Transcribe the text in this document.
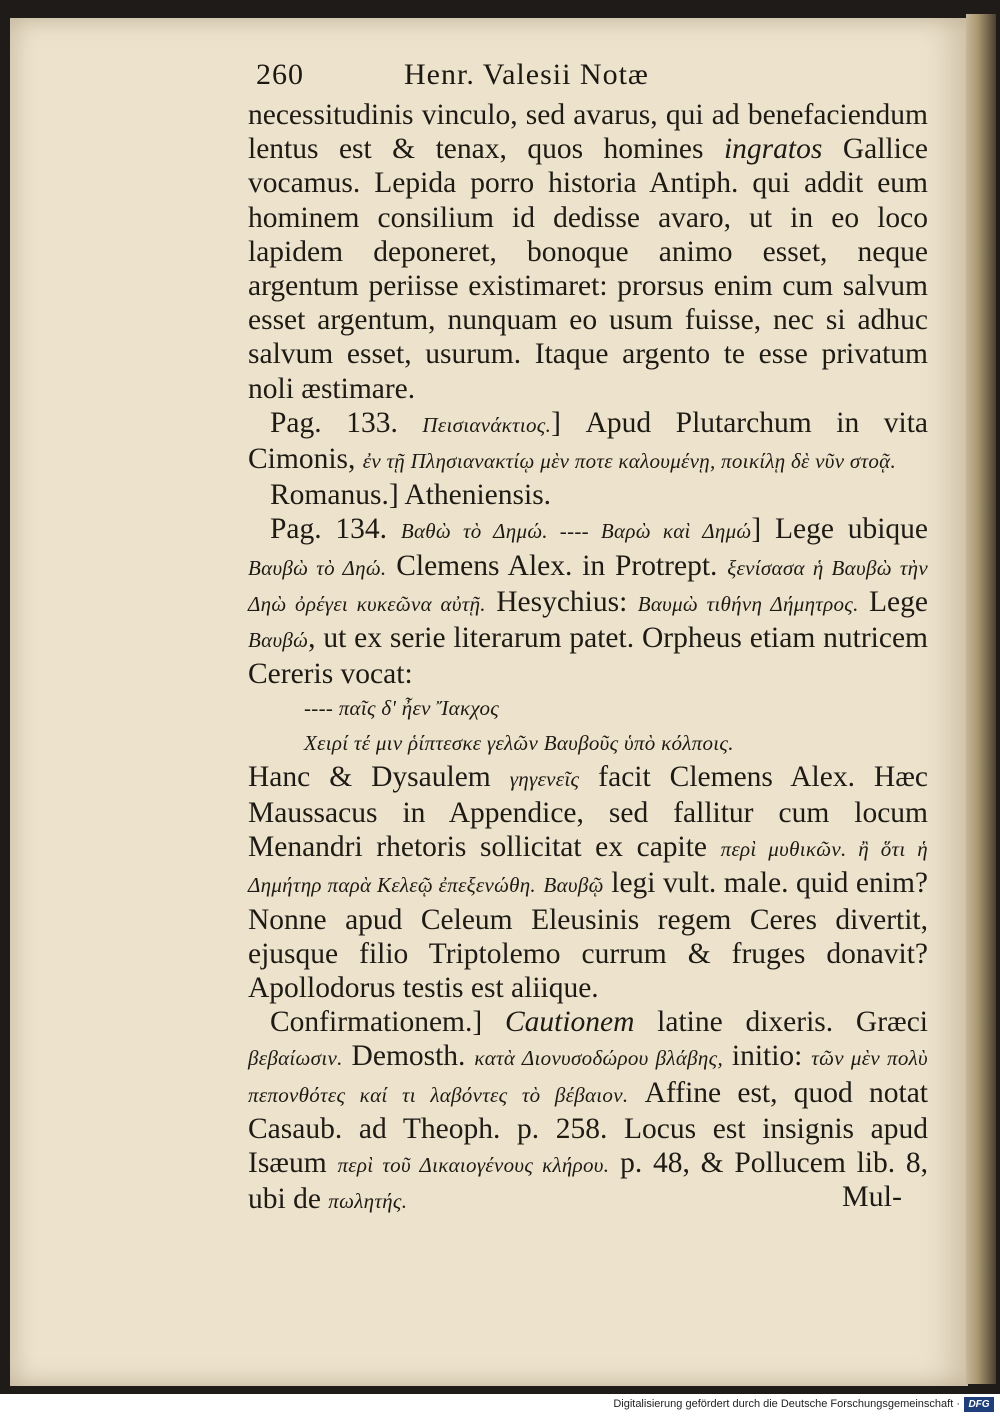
260	Henr. Valesii Notæ

necessitudinis vinculo, sed avarus, qui ad benefaciendum lentus est & tenax, quos homines ingratos Gallice vocamus. Lepida porro historia Antiph. qui addit eum hominem consilium id dedisse avaro, ut in eo loco lapidem deponeret, bonoque animo esset, neque argentum periisse existimaret: prorsus enim cum salvum esset argentum, nunquam eo usum fuisse, nec si adhuc salvum esset, usurum. Itaque argento te esse privatum noli æstimare.

Pag. 133. Πεισιανάκτιος.] Apud Plutarchum in vita Cimonis, ἐν τῇ Πλησιανακτίῳ μὲν ποτε καλουμένῃ, ποικίλῃ δὲ νῦν στοᾷ.

Romanus.] Atheniensis.

Pag. 134. Βαθὼ τὸ Δημώ. ---- Βαρὼ καὶ Δημώ] Lege ubique Βαυβὼ τὸ Δηώ. Clemens Alex. in Protrept. ξενίσασα ἡ Βαυβὼ τὴν Δηὼ ὀρέγει κυκεῶνα αὐτῇ. Hesychius: Βαυμὼ τιθήνη Δήμητρος. Lege Βαυβώ, ut ex serie literarum patet. Orpheus etiam nutricem Cereris vocat:

---- παῖς δ' ἦεν Ἴακχος

Χειρί τέ μιν ῥίπτεσκε γελῶν Βαυβοῦς ὑπὸ κόλποις.

Hanc & Dysaulem γηγενεῖς facit Clemens Alex. Hæc Maussacus in Appendice, sed fallitur cum locum Menandri rhetoris sollicitat ex capite περὶ μυθικῶν. ἢ ὅτι ἡ Δημήτηρ παρὰ Κελεῷ ἐπεξενώθη. Βαυβῷ legi vult. male. quid enim? Nonne apud Celeum Eleusinis regem Ceres divertit, ejusque filio Triptolemo currum & fruges donavit? Apollodorus testis est aliique.

Confirmationem.] Cautionem latine dixeris. Græci βεβαίωσιν. Demosth. κατὰ Διονυσοδώρου βλάβης, initio: τῶν μὲν πολὺ πεπονθότες καί τι λαβόντες τὸ βέβαιον. Affine est, quod notat Casaub. ad Theoph. p. 258. Locus est insignis apud Isæum περὶ τοῦ Δικαιογένους κλήρου. p. 48, & Pollucem lib. 8, ubi de πωλητής.	Mul-
Digitalisierung gefördert durch die Deutsche Forschungsgemeinschaft · DFG
